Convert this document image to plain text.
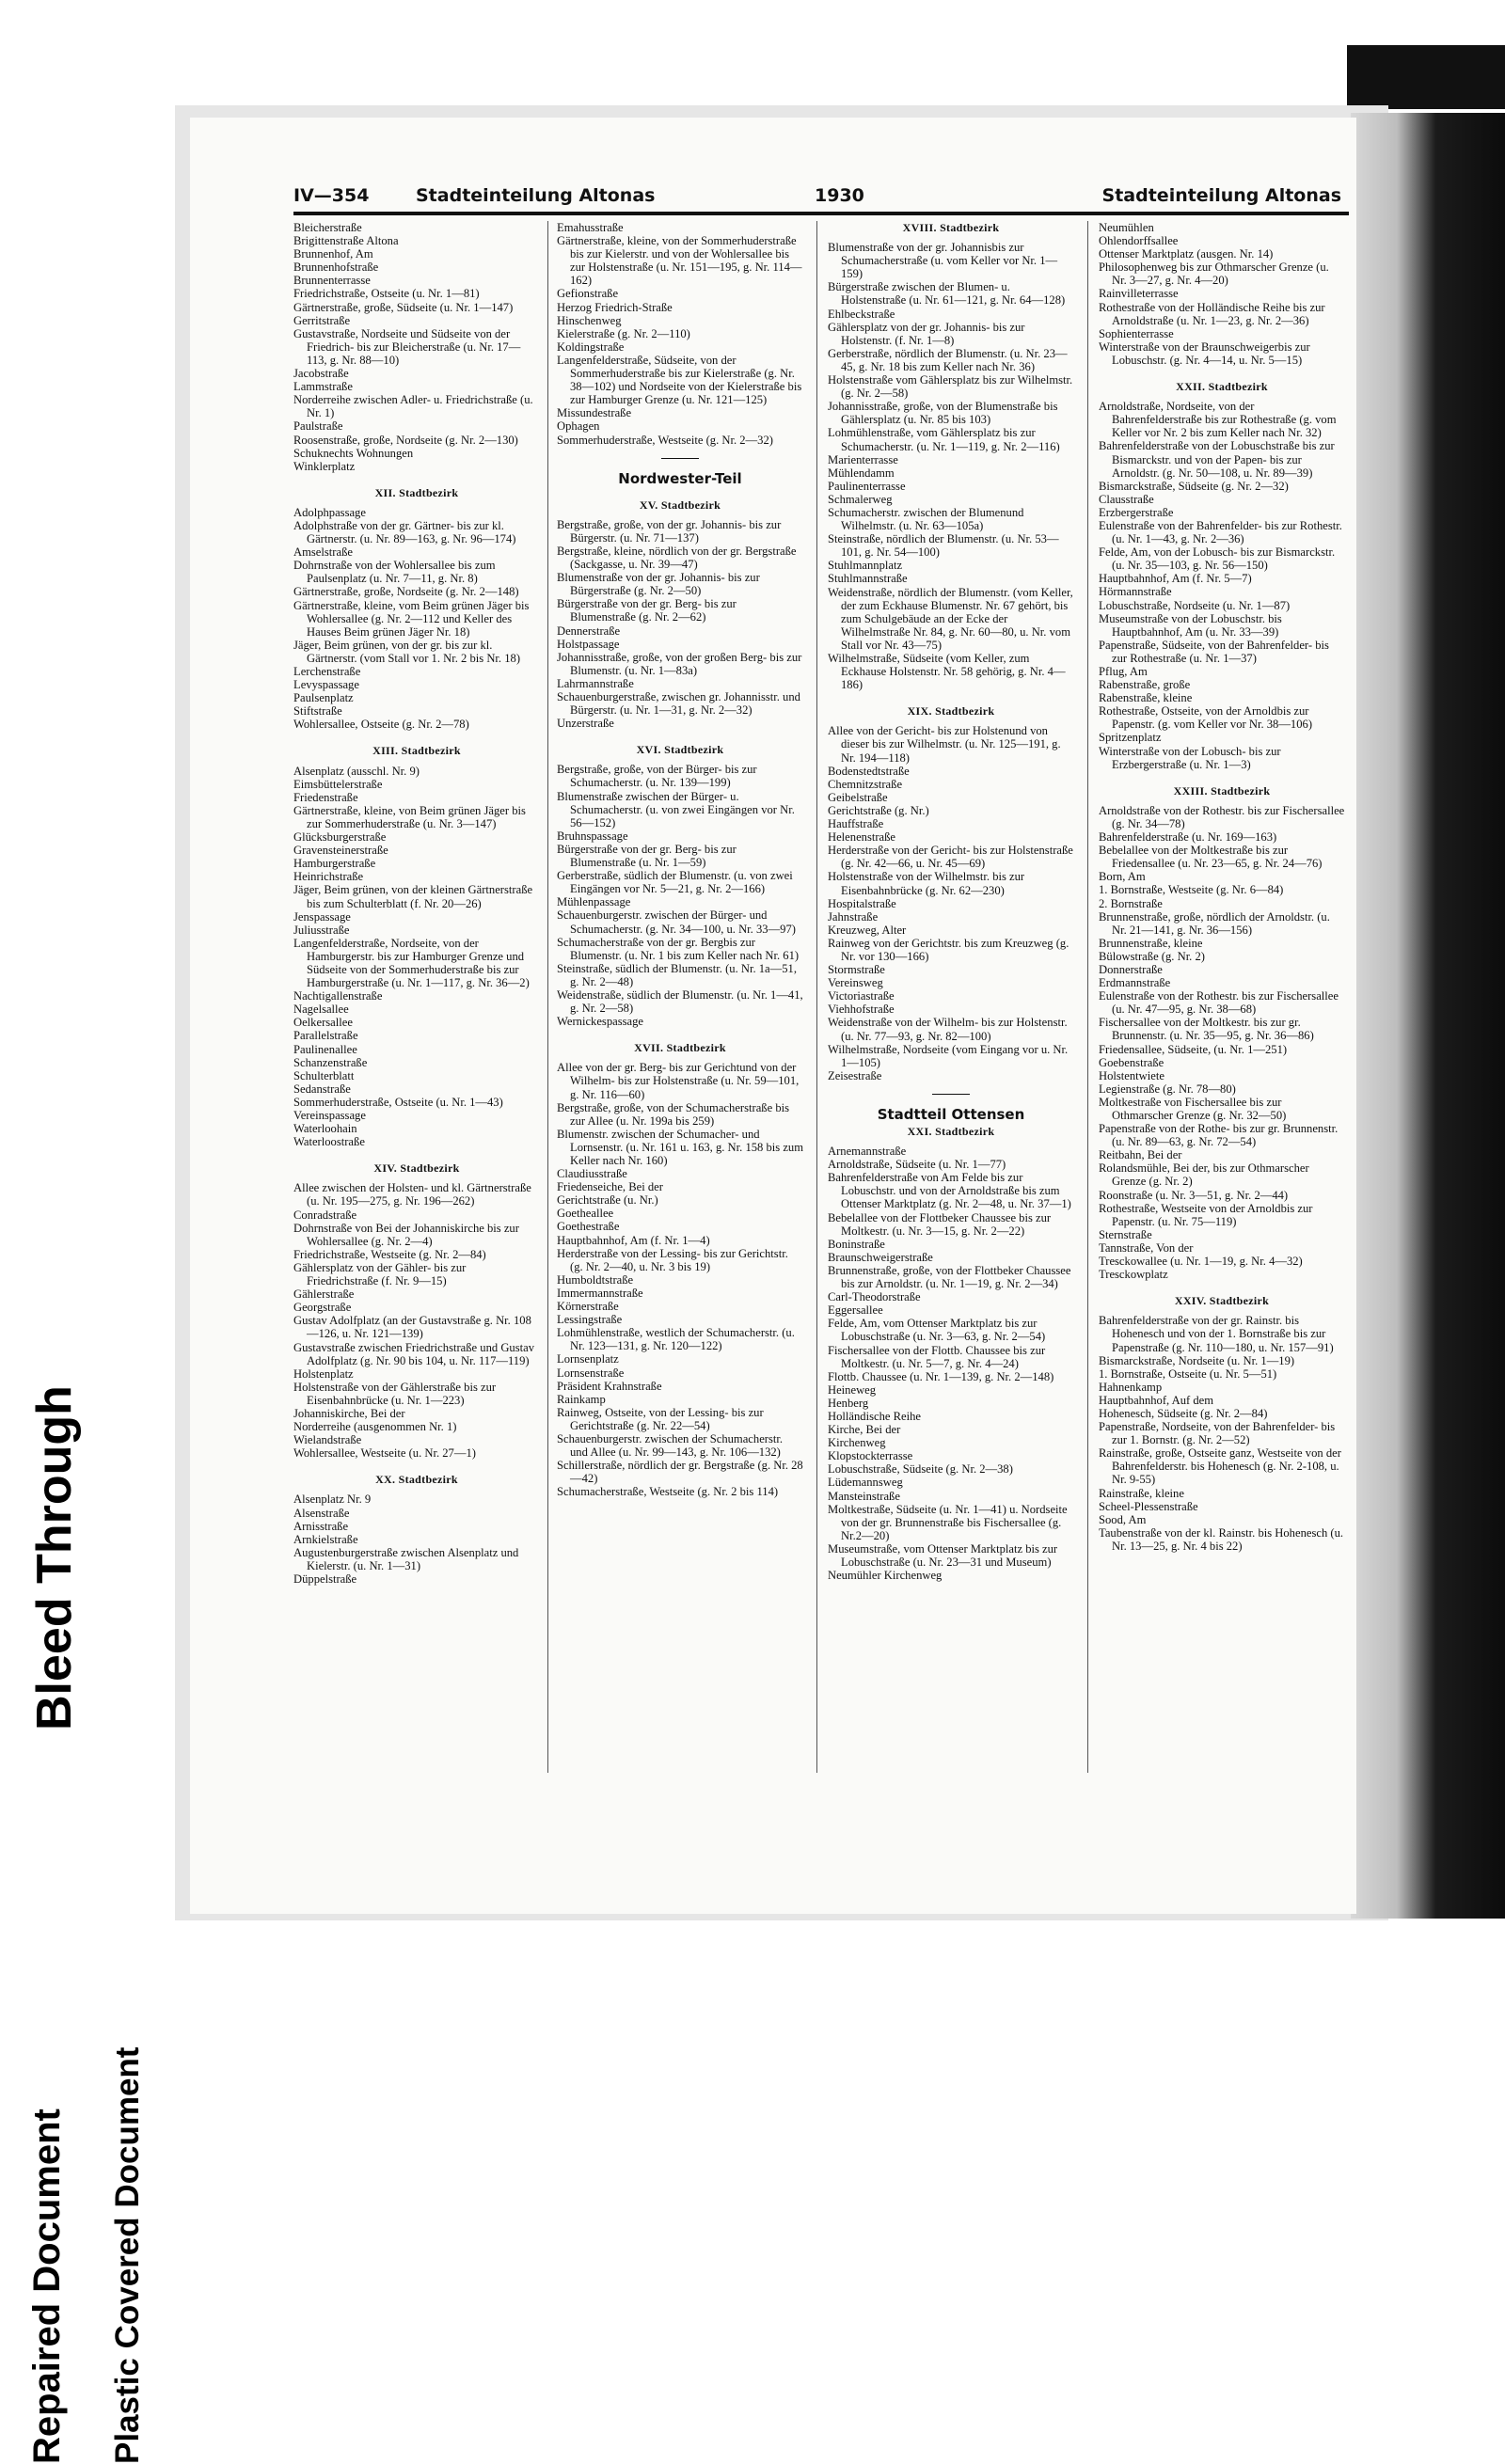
Bleed Through
Repaired Document Plastic Covered Document
IV—354	Stadteinteilung Altonas	1930	Stadteinteilung Altonas

Bleicherstraße

Brigittenstraße Altona

Brunnenhof, Am

Brunnenhofstraße

Brunnenterrasse

Friedrichstraße, Ostseite (u. Nr. 1—81)

Gärtnerstraße, große, Südseite (u. Nr. 1—147)

Gerritstraße

Gustavstraße, Nordseite und Südseite von der Friedrich- bis zur Bleicherstraße (u. Nr. 17—113, g. Nr. 88—10)

Jacobstraße

Lammstraße

Norderreihe zwischen Adler- u. Friedrichstraße (u. Nr. 1)

Paulstraße

Roosenstraße, große, Nordseite (g. Nr. 2—130)

Schuknechts Wohnungen

Winklerplatz

XII. Stadtbezirk

Adolphpassage

Adolphstraße von der gr. Gärtner- bis zur kl. Gärtnerstr. (u. Nr. 89—163, g. Nr. 96—174)

Amselstraße

Dohrnstraße von der Wohlersallee bis zum Paulsenplatz (u. Nr. 7—11, g. Nr. 8)

Gärtnerstraße, große, Nordseite (g. Nr. 2—148)

Gärtnerstraße, kleine, vom Beim grünen Jäger bis Wohlersallee (g. Nr. 2—112 und Keller des Hauses Beim grünen Jäger Nr. 18)

Jäger, Beim grünen, von der gr. bis zur kl. Gärtnerstr. (vom Stall vor 1. Nr. 2 bis Nr. 18)

Lerchenstraße

Levyspassage

Paulsenplatz

Stiftstraße

Wohlersallee, Ostseite (g. Nr. 2—78)

XIII. Stadtbezirk

Alsenplatz (ausschl. Nr. 9)

Eimsbüttelerstraße

Friedenstraße

Gärtnerstraße, kleine, von Beim grünen Jäger bis zur Sommerhuderstraße (u. Nr. 3—147)

Glücksburgerstraße

Gravensteinerstraße

Hamburgerstraße

Heinrichstraße

Jäger, Beim grünen, von der kleinen Gärtnerstraße bis zum Schulterblatt (f. Nr. 20—26)

Jenspassage

Juliusstraße

Langenfelderstraße, Nordseite, von der Hamburgerstr. bis zur Hamburger Grenze und Südseite von der Sommerhuderstraße bis zur Hamburgerstraße (u. Nr. 1—117, g. Nr. 36—2)

Nachtigallenstraße

Nagelsallee

Oelkersallee

Parallelstraße

Paulinenallee

Schanzenstraße

Schulterblatt

Sedanstraße

Sommerhuderstraße, Ostseite (u. Nr. 1—43)

Vereinspassage

Waterloohain

Waterloostraße

XIV. Stadtbezirk

Allee zwischen der Holsten- und kl. Gärtnerstraße (u. Nr. 195—275, g. Nr. 196—262)

Conradstraße

Dohrnstraße von Bei der Johanniskirche bis zur Wohlersallee (g. Nr. 2—4)

Friedrichstraße, Westseite (g. Nr. 2—84)

Gählersplatz von der Gähler- bis zur Friedrichstraße (f. Nr. 9—15)

Gählerstraße

Georgstraße

Gustav Adolfplatz (an der Gustavstraße g. Nr. 108—126, u. Nr. 121—139)

Gustavstraße zwischen Friedrichstraße und Gustav Adolfplatz (g. Nr. 90 bis 104, u. Nr. 117—119)

Holstenplatz

Holstenstraße von der Gählerstraße bis zur Eisenbahnbrücke (u. Nr. 1—223)

Johanniskirche, Bei der

Norderreihe (ausgenommen Nr. 1)

Wielandstraße

Wohlersallee, Westseite (u. Nr. 27—1)

XX. Stadtbezirk

Alsenplatz Nr. 9

Alsenstraße

Arnisstraße

Arnkielstraße

Augustenburgerstraße zwischen Alsenplatz und Kielerstr. (u. Nr. 1—31)

Düppelstraße

Emahusstraße

Gärtnerstraße, kleine, von der Sommerhuderstraße bis zur Kielerstr. und von der Wohlersallee bis zur Holstenstraße (u. Nr. 151—195, g. Nr. 114—162)

Gefionstraße

Herzog Friedrich-Straße

Hinschenweg

Kielerstraße (g. Nr. 2—110)

Koldingstraße

Langenfelderstraße, Südseite, von der Sommerhuderstraße bis zur Kielerstraße (g. Nr. 38—102) und Nordseite von der Kielerstraße bis zur Hamburger Grenze (u. Nr. 121—125)

Missundestraße

Ophagen

Sommerhuderstraße, Westseite (g. Nr. 2—32)

Nordwester-Teil

XV. Stadtbezirk

Bergstraße, große, von der gr. Johannis- bis zur Bürgerstr. (u. Nr. 71—137)

Bergstraße, kleine, nördlich von der gr. Bergstraße (Sackgasse, u. Nr. 39—47)

Blumenstraße von der gr. Johannis- bis zur Bürgerstraße (g. Nr. 2—50)

Bürgerstraße von der gr. Berg- bis zur Blumenstraße (g. Nr. 2—62)

Dennerstraße

Holstpassage

Johannisstraße, große, von der großen Berg- bis zur Blumenstr. (u. Nr. 1—83a)

Lahrmannstraße

Schauenburgerstraße, zwischen gr. Johannisstr. und Bürgerstr. (u. Nr. 1—31, g. Nr. 2—32)

Unzerstraße

XVI. Stadtbezirk

Bergstraße, große, von der Bürger- bis zur Schumacherstr. (u. Nr. 139—199)

Blumenstraße zwischen der Bürger- u. Schumacherstr. (u. von zwei Eingängen vor Nr. 56—152)

Bruhnspassage

Bürgerstraße von der gr. Berg- bis zur Blumenstraße (u. Nr. 1—59)

Gerberstraße, südlich der Blumenstr. (u. von zwei Eingängen vor Nr. 5—21, g. Nr. 2—166)

Mühlenpassage

Schauenburgerstr. zwischen der Bürger- und Schumacherstr. (g. Nr. 34—100, u. Nr. 33—97)

Schumacherstraße von der gr. Bergbis zur Blumenstr. (u. Nr. 1 bis zum Keller nach Nr. 61)

Steinstraße, südlich der Blumenstr. (u. Nr. 1a—51, g. Nr. 2—48)

Weidenstraße, südlich der Blumenstr. (u. Nr. 1—41, g. Nr. 2—58)

Wernickespassage

XVII. Stadtbezirk

Allee von der gr. Berg- bis zur Gerichtund von der Wilhelm- bis zur Holstenstraße (u. Nr. 59—101, g. Nr. 116—60)

Bergstraße, große, von der Schumacherstraße bis zur Allee (u. Nr. 199a bis 259)

Blumenstr. zwischen der Schumacher- und Lornsenstr. (u. Nr. 161 u. 163, g. Nr. 158 bis zum Keller nach Nr. 160)

Claudiusstraße

Friedenseiche, Bei der

Gerichtstraße (u. Nr.)

Goetheallee

Goethestraße

Hauptbahnhof, Am (f. Nr. 1—4)

Herderstraße von der Lessing- bis zur Gerichtstr. (g. Nr. 2—40, u. Nr. 3 bis 19)

Humboldtstraße

Immermannstraße

Körnerstraße

Lessingstraße

Lohmühlenstraße, westlich der Schumacherstr. (u. Nr. 123—131, g. Nr. 120—122)

Lornsenplatz

Lornsenstraße

Präsident Krahnstraße

Rainkamp

Rainweg, Ostseite, von der Lessing- bis zur Gerichtstraße (g. Nr. 22—54)

Schauenburgerstr. zwischen der Schumacherstr. und Allee (u. Nr. 99—143, g. Nr. 106—132)

Schillerstraße, nördlich der gr. Bergstraße (g. Nr. 28—42)

Schumacherstraße, Westseite (g. Nr. 2 bis 114)

XVIII. Stadtbezirk

Blumenstraße von der gr. Johannisbis zur Schumacherstraße (u. vom Keller vor Nr. 1—159)

Bürgerstraße zwischen der Blumen- u. Holstenstraße (u. Nr. 61—121, g. Nr. 64—128)

Ehlbeckstraße

Gählersplatz von der gr. Johannis- bis zur Holstenstr. (f. Nr. 1—8)

Gerberstraße, nördlich der Blumenstr. (u. Nr. 23—45, g. Nr. 18 bis zum Keller nach Nr. 36)

Holstenstraße vom Gählersplatz bis zur Wilhelmstr. (g. Nr. 2—58)

Johannisstraße, große, von der Blumenstraße bis Gählersplatz (u. Nr. 85 bis 103)

Lohmühlenstraße, vom Gählersplatz bis zur Schumacherstr. (u. Nr. 1—119, g. Nr. 2—116)

Marienterrasse

Mühlendamm

Paulinenterrasse

Schmalerweg

Schumacherstr. zwischen der Blumenund Wilhelmstr. (u. Nr. 63—105a)

Steinstraße, nördlich der Blumenstr. (u. Nr. 53—101, g. Nr. 54—100)

Stuhlmannplatz

Stuhlmannstraße

Weidenstraße, nördlich der Blumenstr. (vom Keller, der zum Eckhause Blumenstr. Nr. 67 gehört, bis zum Schulgebäude an der Ecke der Wilhelmstraße Nr. 84, g. Nr. 60—80, u. Nr. vom Stall vor Nr. 43—75)

Wilhelmstraße, Südseite (vom Keller, zum Eckhause Holstenstr. Nr. 58 gehörig, g. Nr. 4—186)

XIX. Stadtbezirk

Allee von der Gericht- bis zur Holstenund von dieser bis zur Wilhelmstr. (u. Nr. 125—191, g. Nr. 194—118)

Bodenstedtstraße

Chemnitzstraße

Geibelstraße

Gerichtstraße (g. Nr.)

Hauffstraße

Helenenstraße

Herderstraße von der Gericht- bis zur Holstenstraße (g. Nr. 42—66, u. Nr. 45—69)

Holstenstraße von der Wilhelmstr. bis zur Eisenbahnbrücke (g. Nr. 62—230)

Hospitalstraße

Jahnstraße

Kreuzweg, Alter

Rainweg von der Gerichtstr. bis zum Kreuzweg (g. Nr. vor 130—166)

Stormstraße

Vereinsweg

Victoriastraße

Viehhofstraße

Weidenstraße von der Wilhelm- bis zur Holstenstr. (u. Nr. 77—93, g. Nr. 82—100)

Wilhelmstraße, Nordseite (vom Eingang vor u. Nr. 1—105)

Zeisestraße

Stadtteil Ottensen

XXI. Stadtbezirk

Arnemannstraße

Arnoldstraße, Südseite (u. Nr. 1—77)

Bahrenfelderstraße von Am Felde bis zur Lobuschstr. und von der Arnoldstraße bis zum Ottenser Marktplatz (g. Nr. 2—48, u. Nr. 37—1)

Bebelallee von der Flottbeker Chaussee bis zur Moltkestr. (u. Nr. 3—15, g. Nr. 2—22)

Boninstraße

Braunschweigerstraße

Brunnenstraße, große, von der Flottbeker Chaussee bis zur Arnoldstr. (u. Nr. 1—19, g. Nr. 2—34)

Carl-Theodorstraße

Eggersallee

Felde, Am, vom Ottenser Marktplatz bis zur Lobuschstraße (u. Nr. 3—63, g. Nr. 2—54)

Fischersallee von der Flottb. Chaussee bis zur Moltkestr. (u. Nr. 5—7, g. Nr. 4—24)

Flottb. Chaussee (u. Nr. 1—139, g. Nr. 2—148)

Heineweg

Henberg

Holländische Reihe

Kirche, Bei der

Kirchenweg

Klopstockterrasse

Lobuschstraße, Südseite (g. Nr. 2—38)

Lüdemannsweg

Mansteinstraße

Moltkestraße, Südseite (u. Nr. 1—41) u. Nordseite von der gr. Brunnenstraße bis Fischersallee (g. Nr.2—20)

Museumstraße, vom Ottenser Marktplatz bis zur Lobuschstraße (u. Nr. 23—31 und Museum)

Neumühler Kirchenweg

Neumühlen

Ohlendorffsallee

Ottenser Marktplatz (ausgen. Nr. 14)

Philosophenweg bis zur Othmarscher Grenze (u. Nr. 3—27, g. Nr. 4—20)

Rainvilleterrasse

Rothestraße von der Holländische Reihe bis zur Arnoldstraße (u. Nr. 1—23, g. Nr. 2—36)

Sophienterrasse

Winterstraße von der Braunschweigerbis zur Lobuschstr. (g. Nr. 4—14, u. Nr. 5—15)

XXII. Stadtbezirk

Arnoldstraße, Nordseite, von der Bahrenfelderstraße bis zur Rothestraße (g. vom Keller vor Nr. 2 bis zum Keller nach Nr. 32)

Bahrenfelderstraße von der Lobuschstraße bis zur Bismarckstr. und von der Papen- bis zur Arnoldstr. (g. Nr. 50—108, u. Nr. 89—39)

Bismarckstraße, Südseite (g. Nr. 2—32)

Clausstraße

Erzbergerstraße

Eulenstraße von der Bahrenfelder- bis zur Rothestr. (u. Nr. 1—43, g. Nr. 2—36)

Felde, Am, von der Lobusch- bis zur Bismarckstr. (u. Nr. 35—103, g. Nr. 56—150)

Hauptbahnhof, Am (f. Nr. 5—7)

Hörmannstraße

Lobuschstraße, Nordseite (u. Nr. 1—87)

Museumstraße von der Lobuschstr. bis Hauptbahnhof, Am (u. Nr. 33—39)

Papenstraße, Südseite, von der Bahrenfelder- bis zur Rothestraße (u. Nr. 1—37)

Pflug, Am

Rabenstraße, große

Rabenstraße, kleine

Rothestraße, Ostseite, von der Arnoldbis zur Papenstr. (g. vom Keller vor Nr. 38—106)

Spritzenplatz

Winterstraße von der Lobusch- bis zur Erzbergerstraße (u. Nr. 1—3)

XXIII. Stadtbezirk

Arnoldstraße von der Rothestr. bis zur Fischersallee (g. Nr. 34—78)

Bahrenfelderstraße (u. Nr. 169—163)

Bebelallee von der Moltkestraße bis zur Friedensallee (u. Nr. 23—65, g. Nr. 24—76)

Born, Am

1. Bornstraße, Westseite (g. Nr. 6—84)

2. Bornstraße

Brunnenstraße, große, nördlich der Arnoldstr. (u. Nr. 21—141, g. Nr. 36—156)

Brunnenstraße, kleine

Bülowstraße (g. Nr. 2)

Donnerstraße

Erdmannstraße

Eulenstraße von der Rothestr. bis zur Fischersallee (u. Nr. 47—95, g. Nr. 38—68)

Fischersallee von der Moltkestr. bis zur gr. Brunnenstr. (u. Nr. 35—95, g. Nr. 36—86)

Friedensallee, Südseite, (u. Nr. 1—251)

Goebenstraße

Holstentwiete

Legienstraße (g. Nr. 78—80)

Moltkestraße von Fischersallee bis zur Othmarscher Grenze (g. Nr. 32—50)

Papenstraße von der Rothe- bis zur gr. Brunnenstr. (u. Nr. 89—63, g. Nr. 72—54)

Reitbahn, Bei der

Rolandsmühle, Bei der, bis zur Othmarscher Grenze (g. Nr. 2)

Roonstraße (u. Nr. 3—51, g. Nr. 2—44)

Rothestraße, Westseite von der Arnoldbis zur Papenstr. (u. Nr. 75—119)

Sternstraße

Tannstraße, Von der

Tresckowallee (u. Nr. 1—19, g. Nr. 4—32)

Tresckowplatz

XXIV. Stadtbezirk

Bahrenfelderstraße von der gr. Rainstr. bis Hohenesch und von der 1. Bornstraße bis zur Papenstraße (g. Nr. 110—180, u. Nr. 157—91)

Bismarckstraße, Nordseite (u. Nr. 1—19)

1. Bornstraße, Ostseite (u. Nr. 5—51)

Hahnenkamp

Hauptbahnhof, Auf dem

Hohenesch, Südseite (g. Nr. 2—84)

Papenstraße, Nordseite, von der Bahrenfelder- bis zur 1. Bornstr. (g. Nr. 2—52)

Rainstraße, große, Ostseite ganz, Westseite von der Bahrenfelderstr. bis Hohenesch (g. Nr. 2-108, u. Nr. 9-55)

Rainstraße, kleine

Scheel-Plessenstraße

Sood, Am

Taubenstraße von der kl. Rainstr. bis Hohenesch (u. Nr. 13—25, g. Nr. 4 bis 22)
